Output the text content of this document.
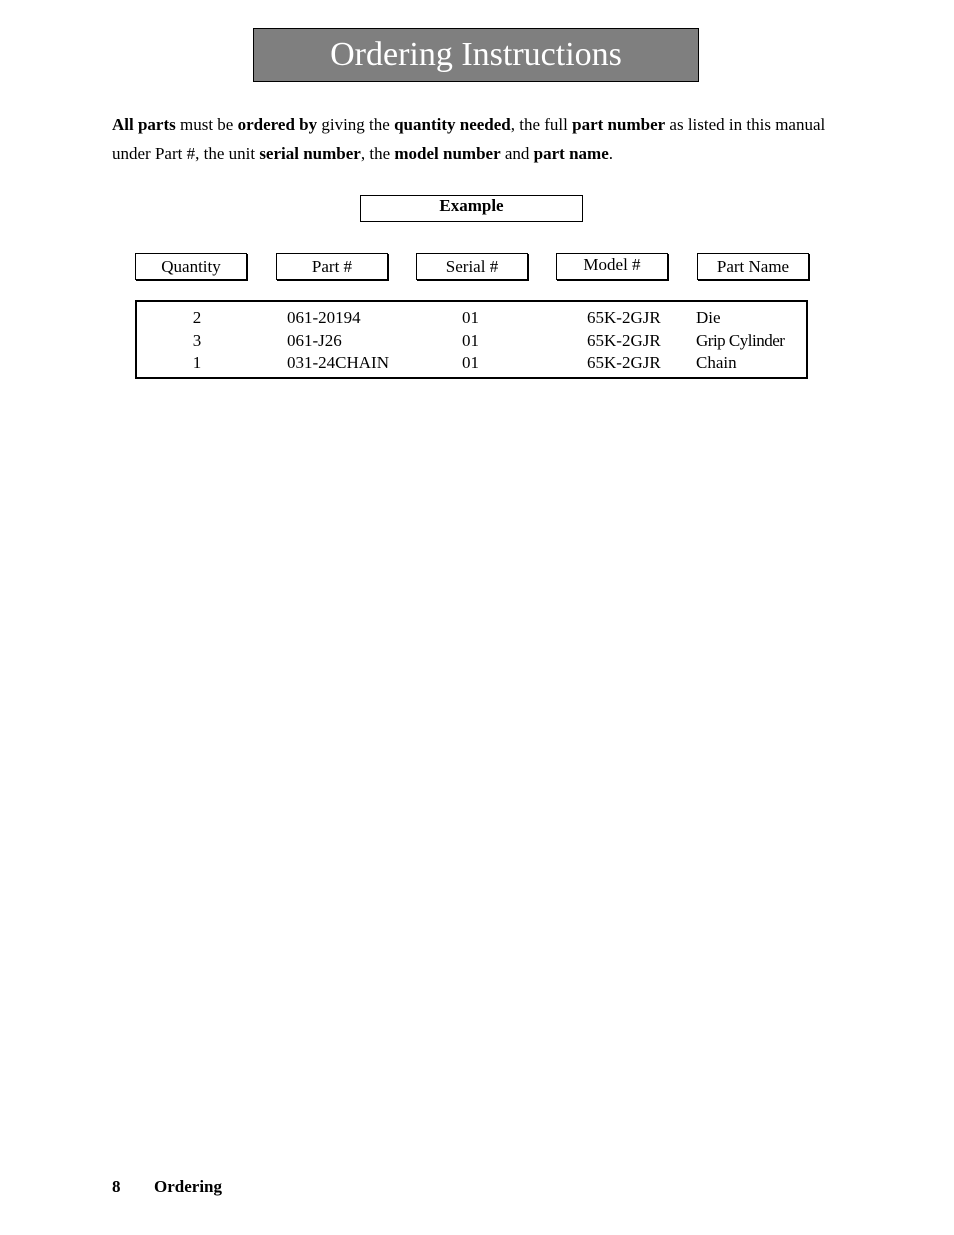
Ordering Instructions
All parts must be ordered by giving the quantity needed, the full part number as listed in this manual under Part #, the unit serial number, the model number and part name.
Example
Quantity	Part #	Serial #	Model #	Part Name
2	061-20194	01	65K-2GJR Die
3	061-J26	01	65K-2GJR Grip Cylinder
1	031-24CHAIN	01	65K-2GJR Chain
8 Ordering
